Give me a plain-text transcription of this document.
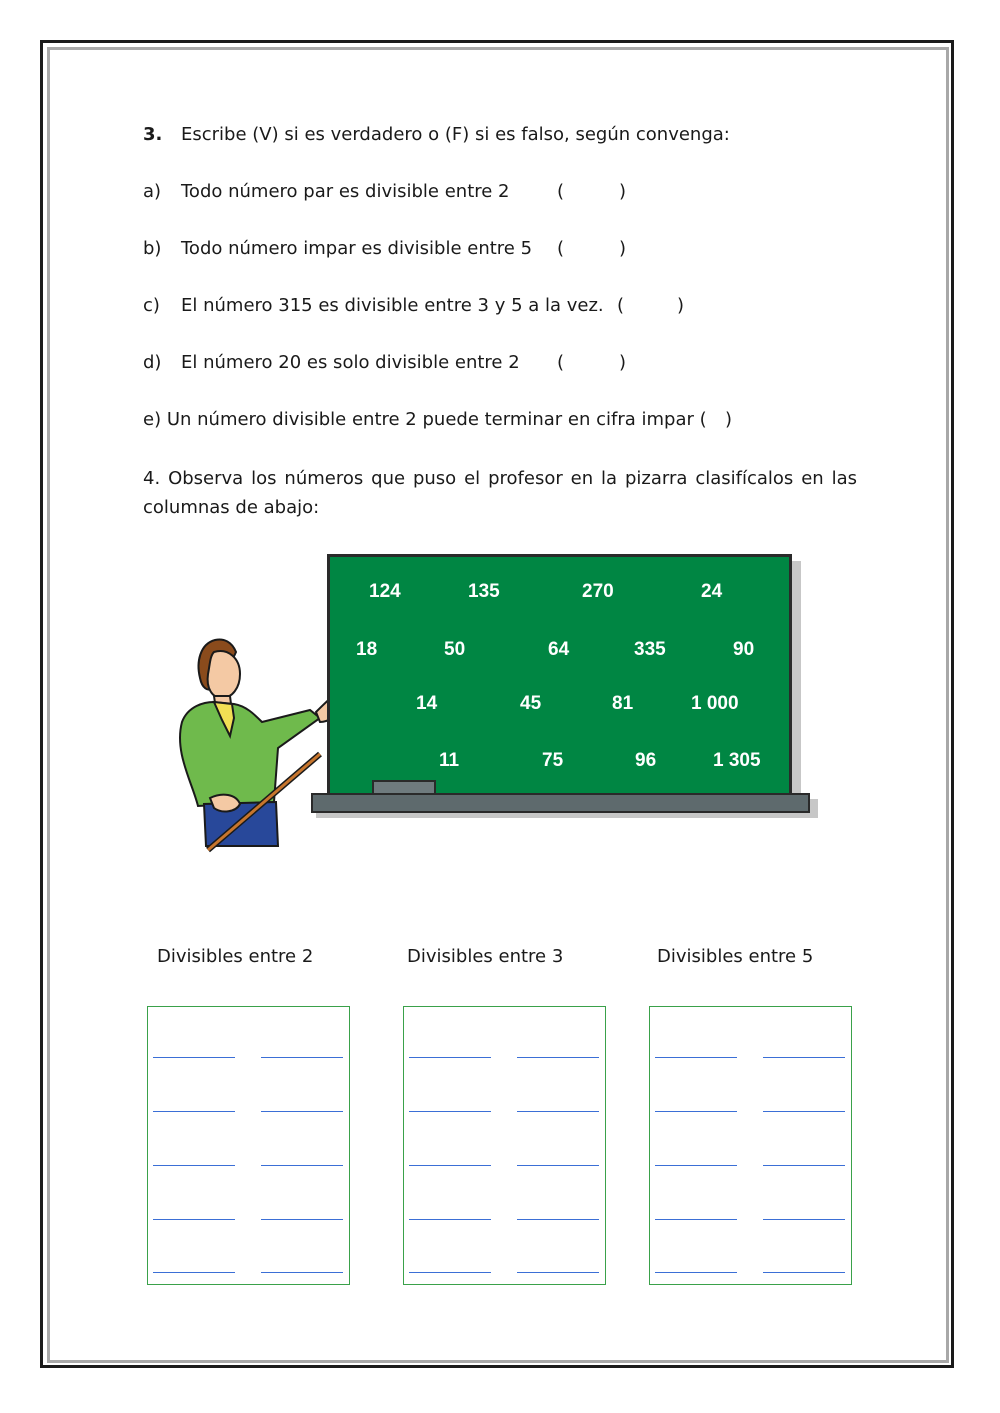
3. Escribe (V) si es verdadero o (F) si es falso, según convenga:
a) Todo número par es divisible entre 2	(	)
b) Todo número impar es divisible entre 5 (	)
c) El número 315 es divisible entre 3 y 5 a la vez. (	)
d) El número 20 es solo divisible entre 2 (	)
e) Un número divisible entre 2 puede terminar en cifra impar ( )
4. Observa los números que puso el profesor en la pizarra clasifícalos en las columnas de abajo:
124	135	270	24
18	50	64	335	90
14	45	81	1 000
11	75	96	1 305
Divisibles entre 2	Divisibles entre 3	Divisibles entre 5
